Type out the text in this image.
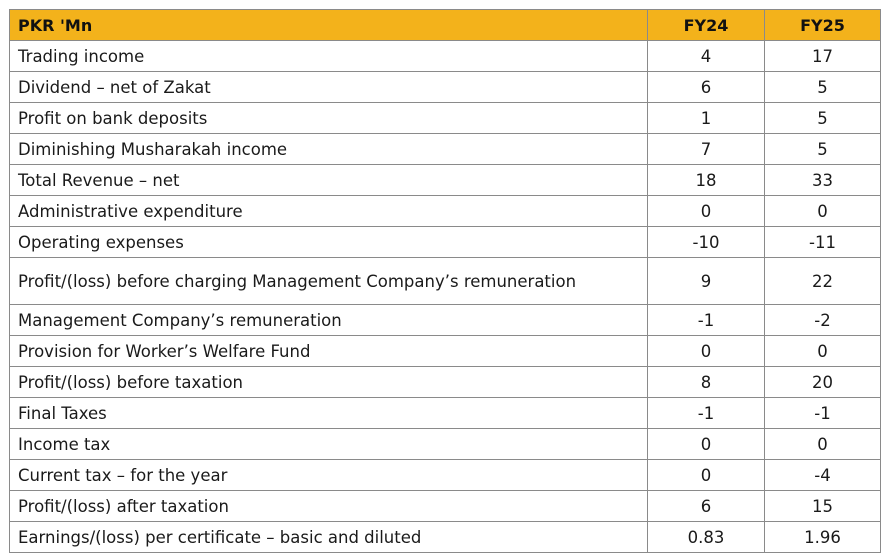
PKR 'Mn	FY24	FY25
Trading income	4	17
Dividend – net of Zakat	6	5
Profit on bank deposits	1	5
Diminishing Musharakah income	7	5
Total Revenue – net	18	33
Administrative expenditure	0	0
Operating expenses	-10	-11
Profit/(loss) before charging Management Company’s remuneration	9	22
Management Company’s remuneration	-1	-2
Provision for Worker’s Welfare Fund	0	0
Profit/(loss) before taxation	8	20
Final Taxes	-1	-1
Income tax	0	0
Current tax – for the year	0	-4
Profit/(loss) after taxation	6	15
Earnings/(loss) per certificate – basic and diluted	0.83	1.96
